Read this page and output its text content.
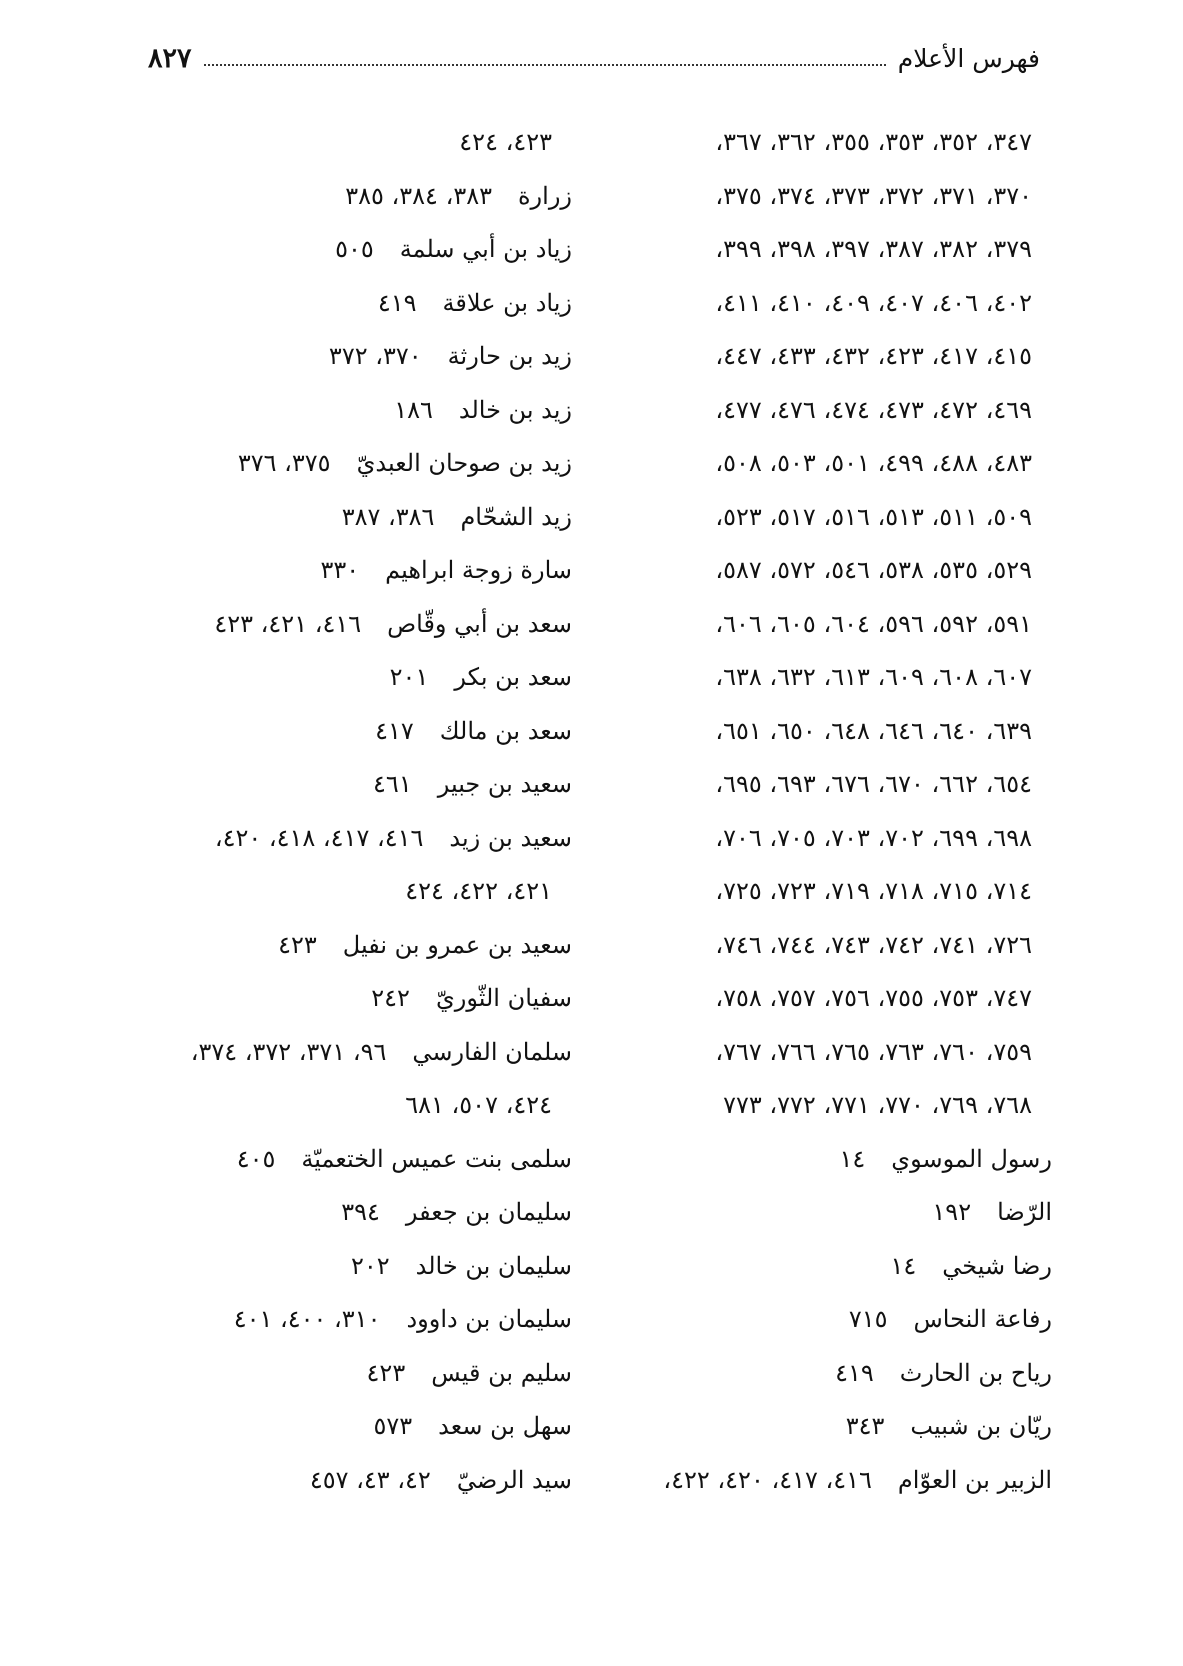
فهرس الأعلام
٨٢٧
٣٤٧، ٣٥٢، ٣٥٣، ٣٥٥، ٣٦٢، ٣٦٧،
٣٧٠، ٣٧١، ٣٧٢، ٣٧٣، ٣٧٤، ٣٧٥،
٣٧٩، ٣٨٢، ٣٨٧، ٣٩٧، ٣٩٨، ٣٩٩،
٤٠٢، ٤٠٦، ٤٠٧، ٤٠٩، ٤١٠، ٤١١،
٤١٥، ٤١٧، ٤٢٣، ٤٣٢، ٤٣٣، ٤٤٧،
٤٦٩، ٤٧٢، ٤٧٣، ٤٧٤، ٤٧٦، ٤٧٧،
٤٨٣، ٤٨٨، ٤٩٩، ٥٠١، ٥٠٣، ٥٠٨،
٥٠٩، ٥١١، ٥١٣، ٥١٦، ٥١٧، ٥٢٣،
٥٢٩، ٥٣٥، ٥٣٨، ٥٤٦، ٥٧٢، ٥٨٧،
٥٩١، ٥٩٢، ٥٩٦، ٦٠٤، ٦٠٥، ٦٠٦،
٦٠٧، ٦٠٨، ٦٠٩، ٦١٣، ٦٣٢، ٦٣٨،
٦٣٩، ٦٤٠، ٦٤٦، ٦٤٨، ٦٥٠، ٦٥١،
٦٥٤، ٦٦٢، ٦٧٠، ٦٧٦، ٦٩٣، ٦٩٥،
٦٩٨، ٦٩٩، ٧٠٢، ٧٠٣، ٧٠٥، ٧٠٦،
٧١٤، ٧١٥، ٧١٨، ٧١٩، ٧٢٣، ٧٢٥،
٧٢٦، ٧٤١، ٧٤٢، ٧٤٣، ٧٤٤، ٧٤٦،
٧٤٧، ٧٥٣، ٧٥٥، ٧٥٦، ٧٥٧، ٧٥٨،
٧٥٩، ٧٦٠، ٧٦٣، ٧٦٥، ٧٦٦، ٧٦٧،
٧٦٨، ٧٦٩، ٧٧٠، ٧٧١، ٧٧٢، ٧٧٣
رسول الموسوي١٤
الرّضا١٩٢
رضا شيخي١٤
رفاعة النحاس٧١٥
رياح بن الحارث٤١٩
ريّان بن شبيب٣٤٣
الزبير بن العوّام٤١٦، ٤١٧، ٤٢٠، ٤٢٢،
٤٢٣، ٤٢٤
زرارة٣٨٣، ٣٨٤، ٣٨٥
زياد بن أبي سلمة٥٠٥
زياد بن علاقة٤١٩
زيد بن حارثة٣٧٠، ٣٧٢
زيد بن خالد١٨٦
زيد بن صوحان العبديّ٣٧٥، ٣٧٦
زيد الشحّام٣٨٦، ٣٨٧
سارة زوجة ابراهيم٣٣٠
سعد بن أبي وقّاص٤١٦، ٤٢١، ٤٢٣
سعد بن بكر٢٠١
سعد بن مالك٤١٧
سعيد بن جبير٤٦١
سعيد بن زيد٤١٦، ٤١٧، ٤١٨، ٤٢٠،
٤٢١، ٤٢٢، ٤٢٤
سعيد بن عمرو بن نفيل٤٢٣
سفيان الثّوريّ٢٤٢
سلمان الفارسي٩٦، ٣٧١، ٣٧٢، ٣٧٤،
٤٢٤، ٥٠٧، ٦٨١
سلمى بنت عميس الختعميّة٤٠٥
سليمان بن جعفر٣٩٤
سليمان بن خالد٢٠٢
سليمان بن داوود٣١٠، ٤٠٠، ٤٠١
سليم بن قيس٤٢٣
سهل بن سعد٥٧٣
سيد الرضيّ٤٢، ٤٣، ٤٥٧
